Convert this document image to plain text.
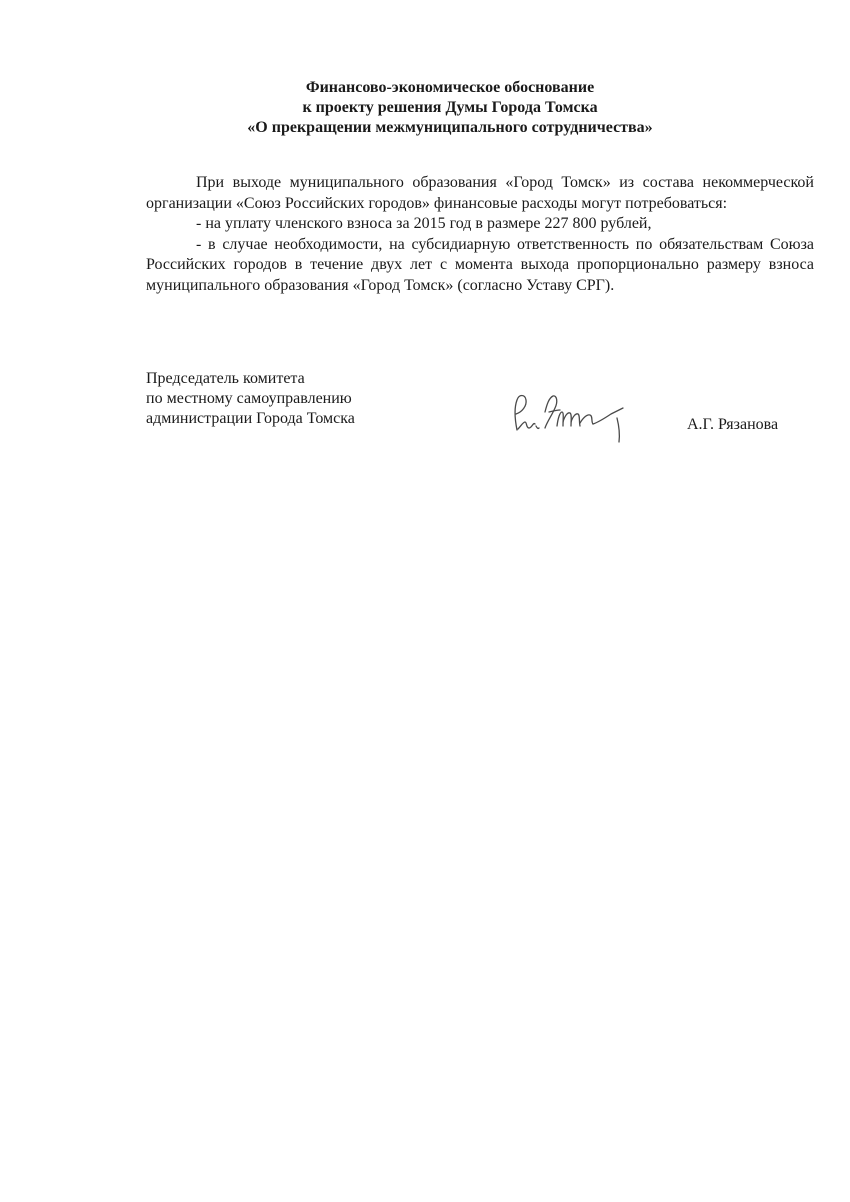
Финансово-экономическое обоснование
к проекту решения Думы Города Томска
«О прекращении межмуниципального сотрудничества»

При выходе муниципального образования «Город Томск» из состава некоммерческой организации «Союз Российских городов» финансовые расходы могут потребоваться:

- на уплату членского взноса за 2015 год в размере 227 800 рублей,

- в случае необходимости, на субсидиарную ответственность по обязательствам Союза Российских городов в течение двух лет с момента выхода пропорционально размеру взноса муниципального образования «Город Томск» (согласно Уставу СРГ).

Председатель комитета
по местному самоуправлению
администрации Города Томска	А.Г. Рязанова
